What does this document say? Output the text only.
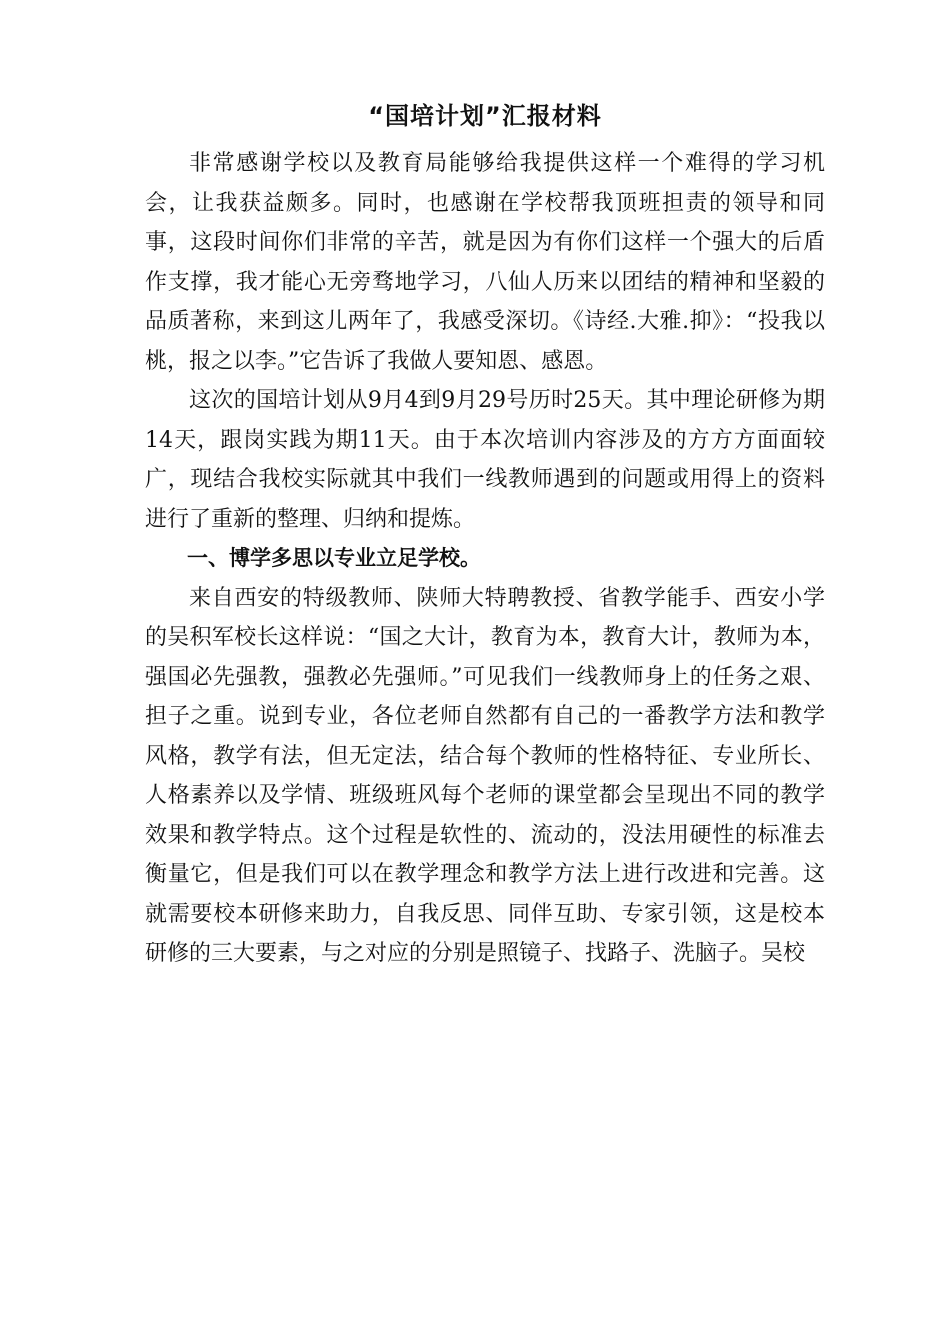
“国培计划”汇报材料

非常感谢学校以及教育局能够给我提供这样一个难得的学习机会，让我获益颇多。同时，也感谢在学校帮我顶班担责的领导和同事，这段时间你们非常的辛苦，就是因为有你们这样一个强大的后盾作支撑，我才能心无旁骛地学习，八仙人历来以团结的精神和坚毅的品质著称，来到这儿两年了，我感受深切。《诗经.大雅.抑》：“投我以桃，报之以李。”它告诉了我做人要知恩、感恩。

这次的国培计划从9月4到9月29号历时25天。其中理论研修为期14天，跟岗实践为期11天。由于本次培训内容涉及的方方方面面较广，现结合我校实际就其中我们一线教师遇到的问题或用得上的资料进行了重新的整理、归纳和提炼。

一、博学多思以专业立足学校。

来自西安的特级教师、陕师大特聘教授、省教学能手、西安小学的吴积军校长这样说：“国之大计，教育为本，教育大计，教师为本，强国必先强教，强教必先强师。”可见我们一线教师身上的任务之艰、担子之重。说到专业，各位老师自然都有自己的一番教学方法和教学风格，教学有法，但无定法，结合每个教师的性格特征、专业所长、人格素养以及学情、班级班风每个老师的课堂都会呈现出不同的教学效果和教学特点。这个过程是软性的、流动的，没法用硬性的标准去衡量它，但是我们可以在教学理念和教学方法上进行改进和完善。这就需要校本研修来助力，自我反思、同伴互助、专家引领，这是校本研修的三大要素，与之对应的分别是照镜子、找路子、洗脑子。吴校
